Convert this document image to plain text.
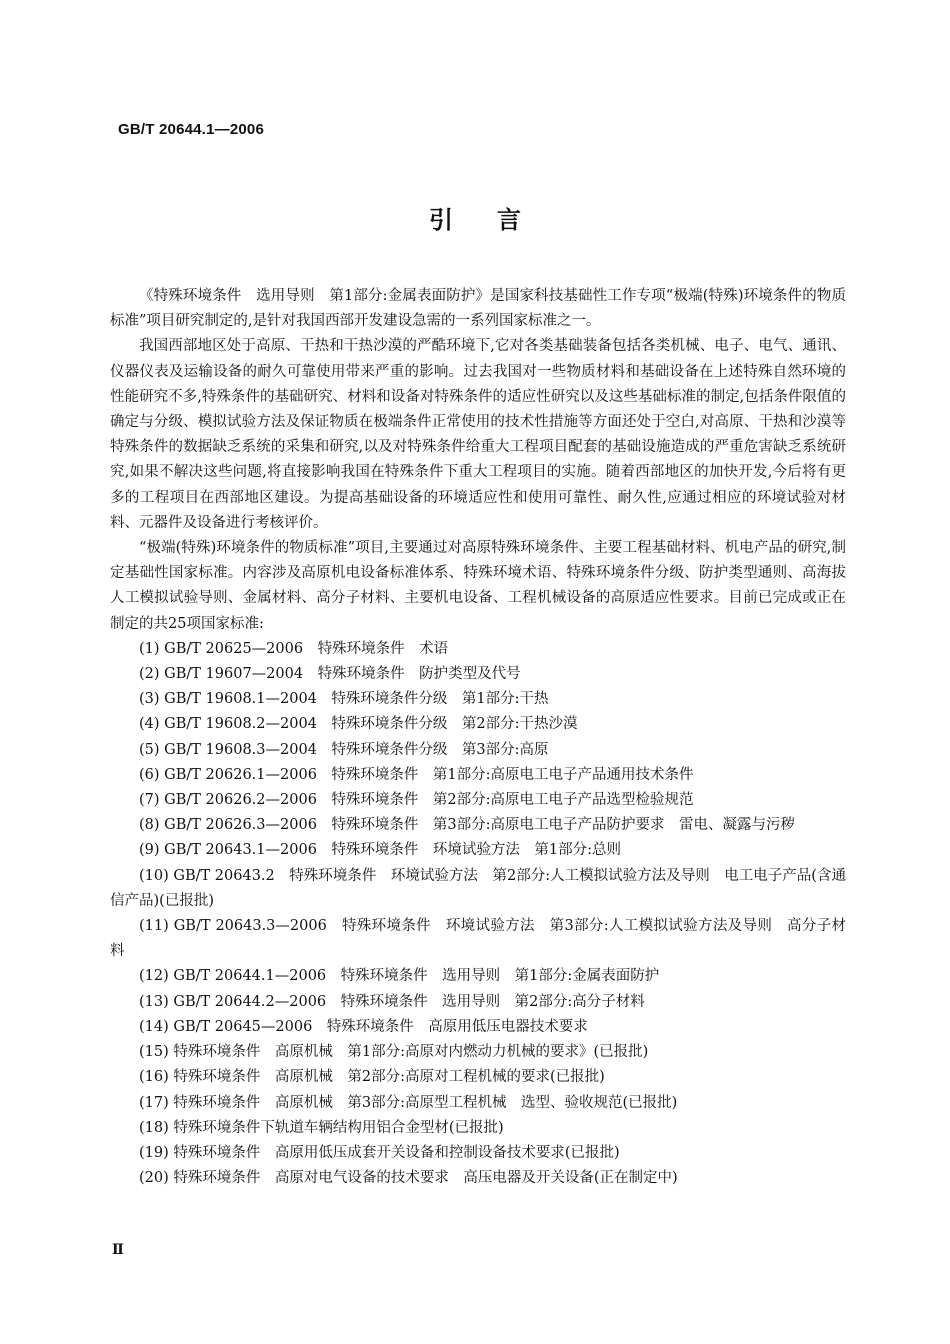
GB/T 20644.1—2006
引言

《特殊环境条件　选用导则　第1部分:金属表面防护》是国家科技基础性工作专项“极端(特殊)环境条件的物质标准”项目研究制定的,是针对我国西部开发建设急需的一系列国家标准之一。

我国西部地区处于高原、干热和干热沙漠的严酷环境下,它对各类基础装备包括各类机械、电子、电气、通讯、仪器仪表及运输设备的耐久可靠使用带来严重的影响。过去我国对一些物质材料和基础设备在上述特殊自然环境的性能研究不多,特殊条件的基础研究、材料和设备对特殊条件的适应性研究以及这些基础标准的制定,包括条件限值的确定与分级、模拟试验方法及保证物质在极端条件正常使用的技术性措施等方面还处于空白,对高原、干热和沙漠等特殊条件的数据缺乏系统的采集和研究,以及对特殊条件给重大工程项目配套的基础设施造成的严重危害缺乏系统研究,如果不解决这些问题,将直接影响我国在特殊条件下重大工程项目的实施。随着西部地区的加快开发,今后将有更多的工程项目在西部地区建设。为提高基础设备的环境适应性和使用可靠性、耐久性,应通过相应的环境试验对材料、元器件及设备进行考核评价。

“极端(特殊)环境条件的物质标准”项目,主要通过对高原特殊环境条件、主要工程基础材料、机电产品的研究,制定基础性国家标准。内容涉及高原机电设备标准体系、特殊环境术语、特殊环境条件分级、防护类型通则、高海拔人工模拟试验导则、金属材料、高分子材料、主要机电设备、工程机械设备的高原适应性要求。目前已完成或正在制定的共25项国家标准:

(1) GB/T 20625—2006　特殊环境条件　术语

(2) GB/T 19607—2004　特殊环境条件　防护类型及代号

(3) GB/T 19608.1—2004　特殊环境条件分级　第1部分:干热

(4) GB/T 19608.2—2004　特殊环境条件分级　第2部分:干热沙漠

(5) GB/T 19608.3—2004　特殊环境条件分级　第3部分:高原

(6) GB/T 20626.1—2006　特殊环境条件　第1部分:高原电工电子产品通用技术条件

(7) GB/T 20626.2—2006　特殊环境条件　第2部分:高原电工电子产品选型检验规范

(8) GB/T 20626.3—2006　特殊环境条件　第3部分:高原电工电子产品防护要求　雷电、凝露与污秽

(9) GB/T 20643.1—2006　特殊环境条件　环境试验方法　第1部分:总则

(10) GB/T 20643.2　特殊环境条件　环境试验方法　第2部分:人工模拟试验方法及导则　电工电子产品(含通信产品)(已报批)

(11) GB/T 20643.3—2006　特殊环境条件　环境试验方法　第3部分:人工模拟试验方法及导则　高分子材料

(12) GB/T 20644.1—2006　特殊环境条件　选用导则　第1部分:金属表面防护

(13) GB/T 20644.2—2006　特殊环境条件　选用导则　第2部分:高分子材料

(14) GB/T 20645—2006　特殊环境条件　高原用低压电器技术要求

(15) 特殊环境条件　高原机械　第1部分:高原对内燃动力机械的要求》(已报批)

(16) 特殊环境条件　高原机械　第2部分:高原对工程机械的要求(已报批)

(17) 特殊环境条件　高原机械　第3部分:高原型工程机械　选型、验收规范(已报批)

(18) 特殊环境条件下轨道车辆结构用铝合金型材(已报批)

(19) 特殊环境条件　高原用低压成套开关设备和控制设备技术要求(已报批)

(20) 特殊环境条件　高原对电气设备的技术要求　高压电器及开关设备(正在制定中)

Ⅱ
